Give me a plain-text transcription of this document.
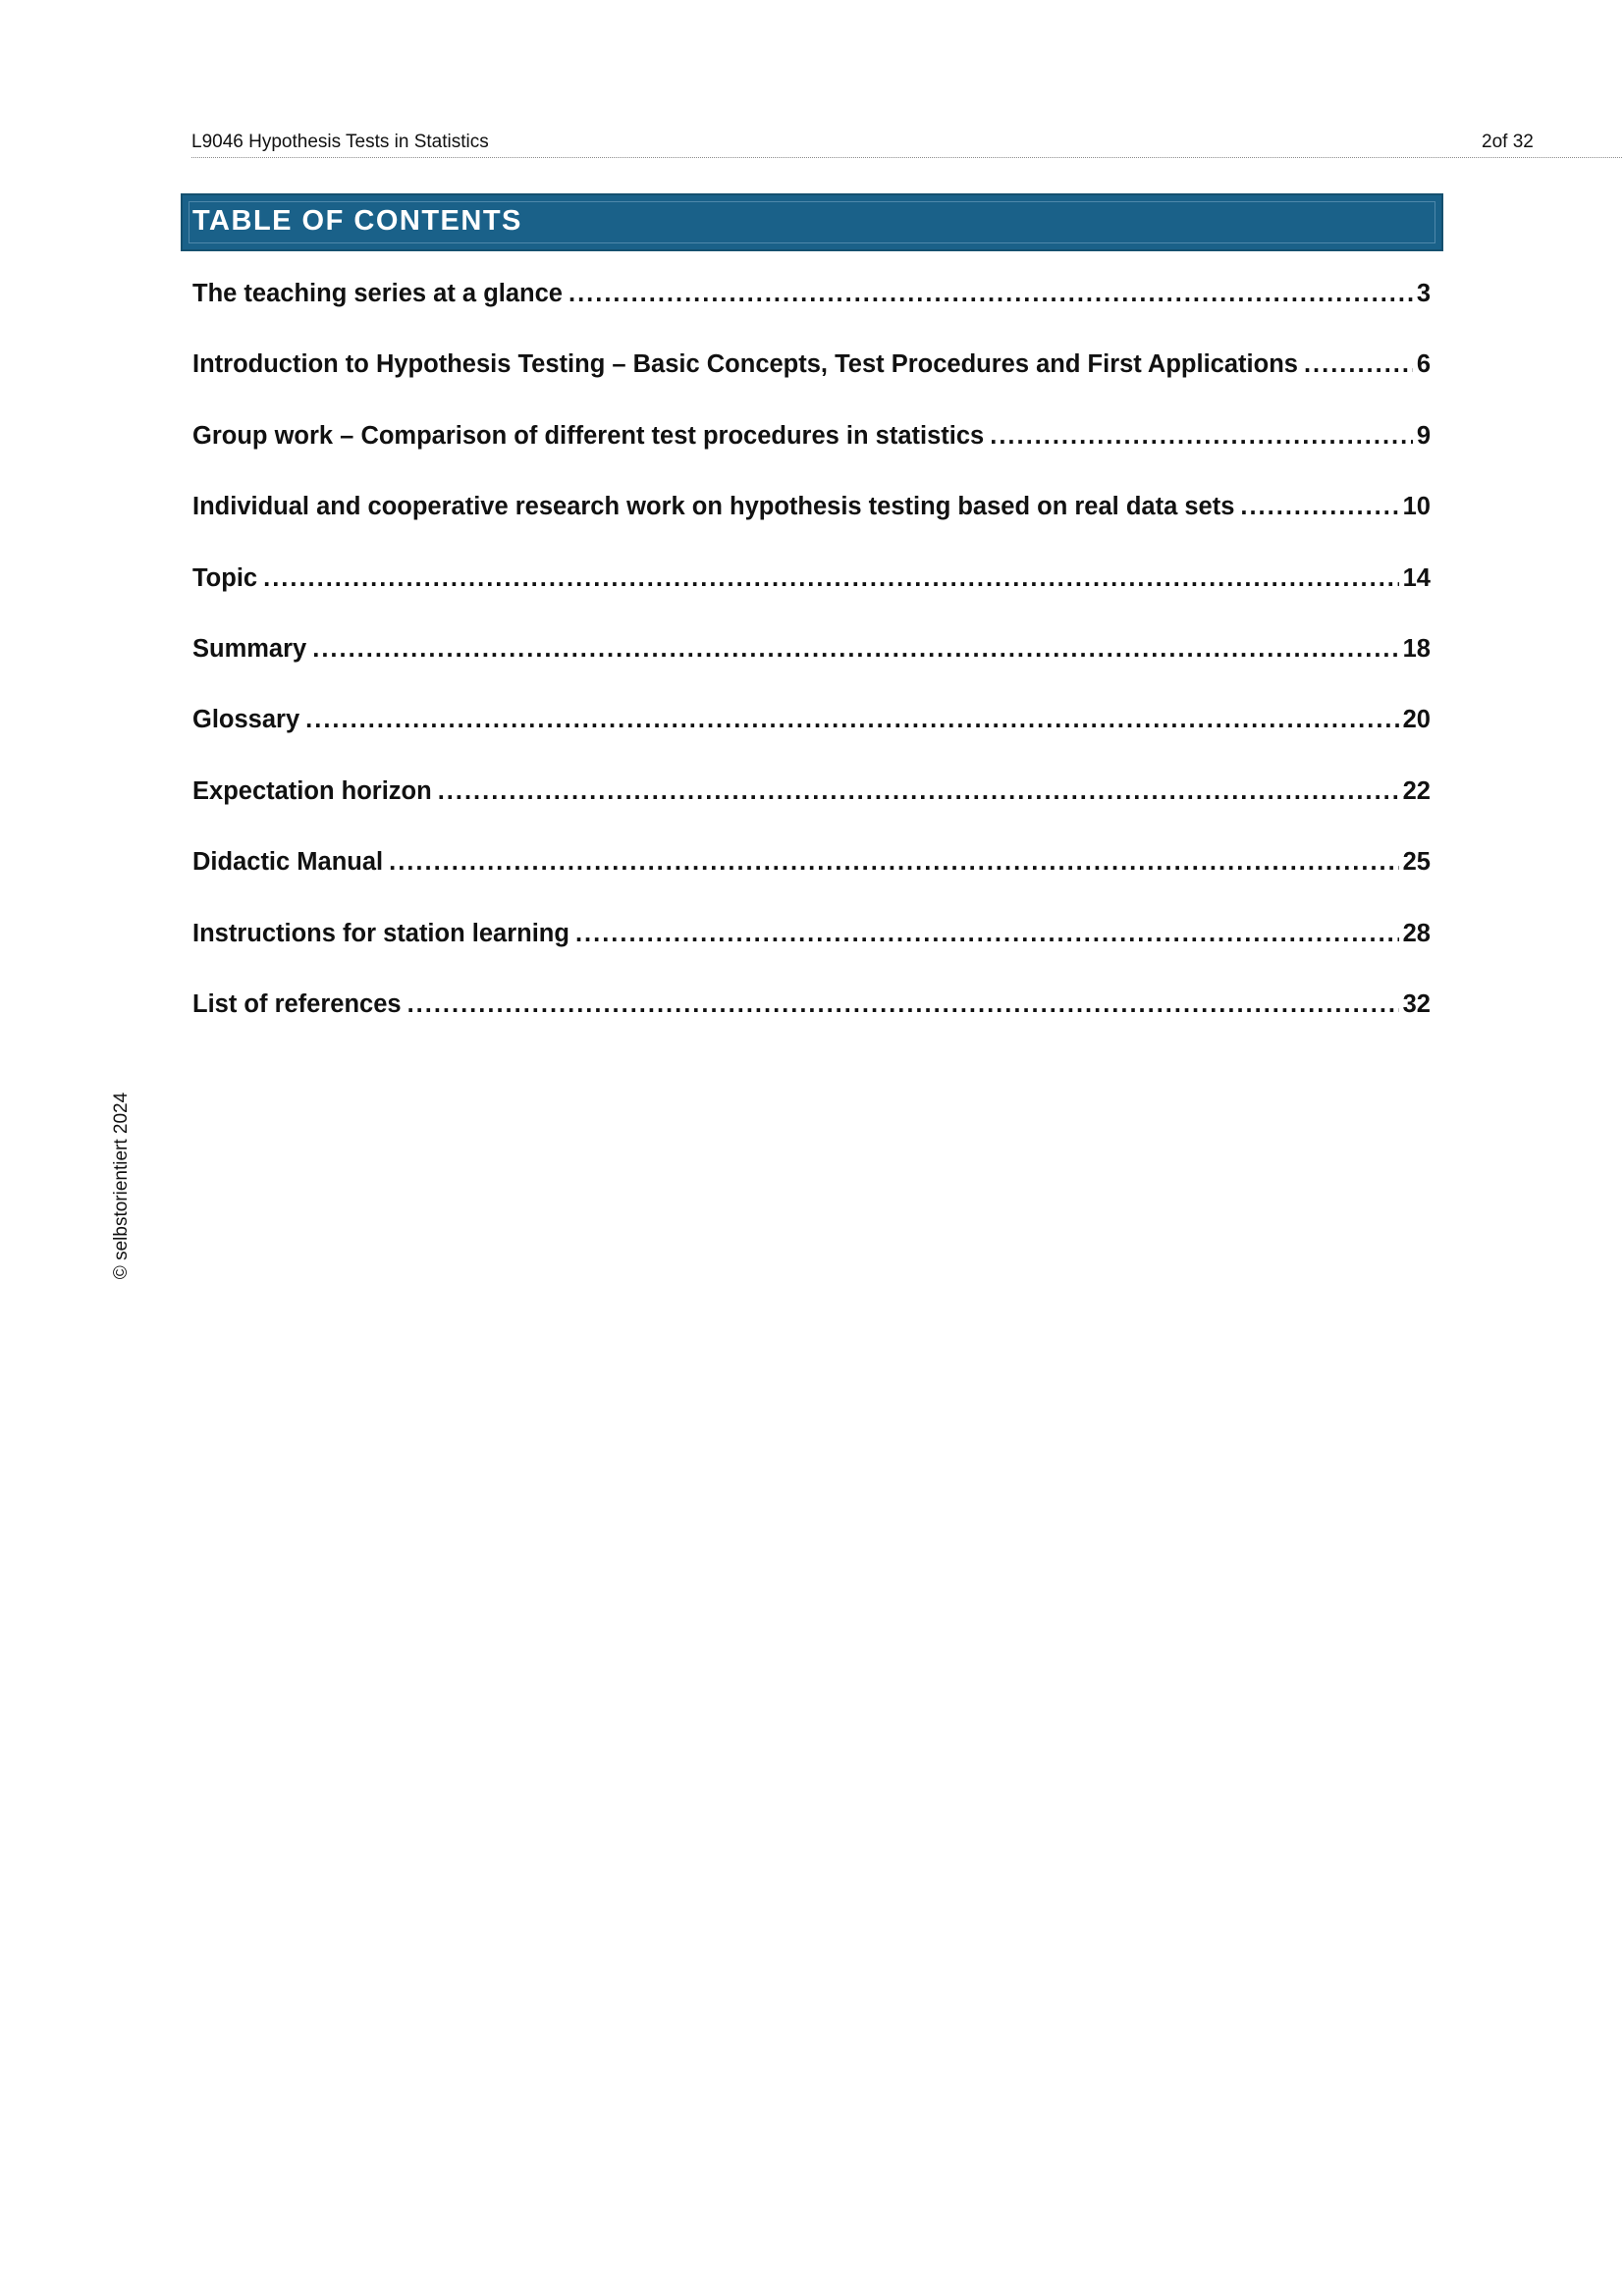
L9046 Hypothesis Tests in Statistics	2of 32
TABLE OF CONTENTS
The teaching series at a glance .....	3
Introduction to Hypothesis Testing – Basic Concepts, Test Procedures and First Applications .....	6
Group work – Comparison of different test procedures in statistics .....	9
Individual and cooperative research work on hypothesis testing based on real data sets .....	10
Topic .....	14
Summary .....	18
Glossary .....	20
Expectation horizon .....	22
Didactic Manual .....	25
Instructions for station learning .....	28
List of references .....	32
© selbstorientiert 2024
